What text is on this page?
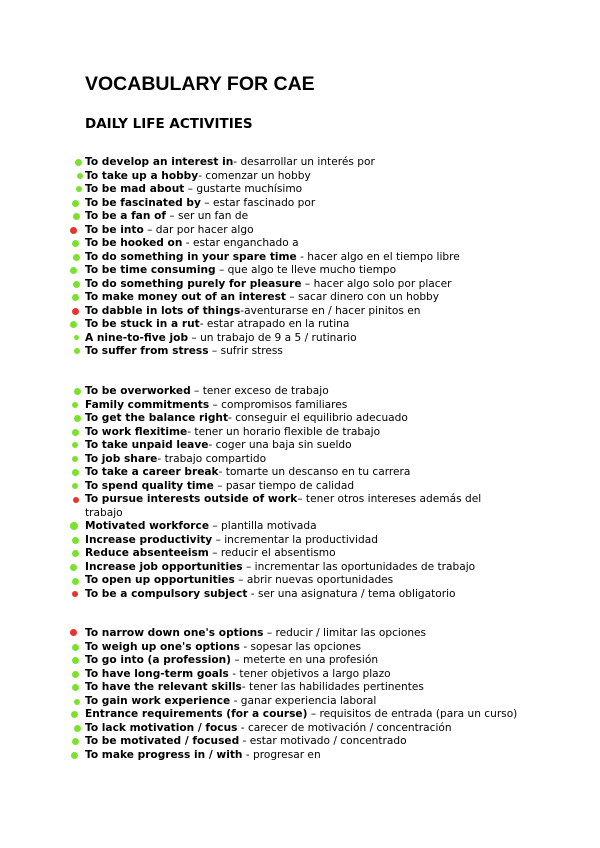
VOCABULARY FOR CAE
DAILY LIFE ACTIVITIES
To develop an interest in- desarrollar un interés por
To take up a hobby- comenzar un hobby
To be mad about – gustarte muchísimo
To be fascinated by – estar fascinado por
To be a fan of – ser un fan de
To be into – dar por hacer algo
To be hooked on - estar enganchado a
To do something in your spare time - hacer algo en el tiempo libre
To be time consuming – que algo te lleve mucho tiempo
To do something purely for pleasure – hacer algo solo por placer
To make money out of an interest – sacar dinero con un hobby
To dabble in lots of things-aventurarse en / hacer pinitos en
To be stuck in a rut- estar atrapado en la rutina
A nine-to-five job – un trabajo de 9 a 5 / rutinario
To suffer from stress – sufrir stress
To be overworked – tener exceso de trabajo
Family commitments – compromisos familiares
To get the balance right- conseguir el equilibrio adecuado
To work flexitime- tener un horario flexible de trabajo
To take unpaid leave- coger una baja sin sueldo
To job share- trabajo compartido
To take a career break- tomarte un descanso en tu carrera
To spend quality time – pasar tiempo de calidad
To pursue interests outside of work– tener otros intereses además del trabajo
Motivated workforce – plantilla motivada
Increase productivity – incrementar la productividad
Reduce absenteeism – reducir el absentismo
Increase job opportunities – incrementar las oportunidades de trabajo
To open up opportunities – abrir nuevas oportunidades
To be a compulsory subject - ser una asignatura / tema obligatorio
To narrow down one's options – reducir / limitar las opciones
To weigh up one's options - sopesar las opciones
To go into (a profession) – meterte en una profesión
To have long-term goals - tener objetivos a largo plazo
To have the relevant skills- tener las habilidades pertinentes
To gain work experience - ganar experiencia laboral
Entrance requirements (for a course) – requisitos de entrada (para un curso)
To lack motivation / focus - carecer de motivación / concentración
To be motivated / focused - estar motivado / concentrado
To make progress in / with - progresar en
